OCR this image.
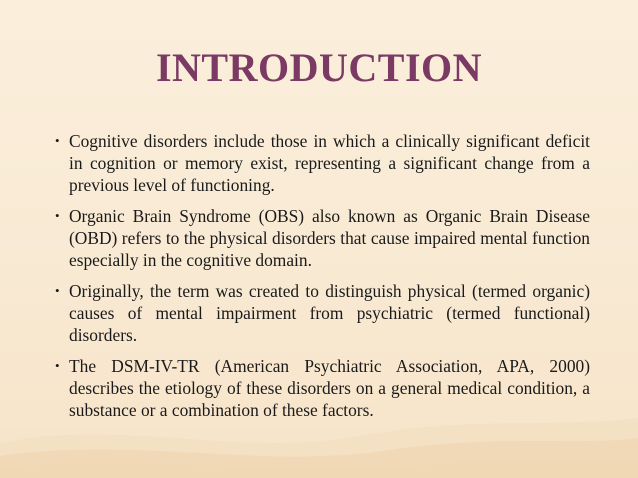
INTRODUCTION
• Cognitive disorders include those in which a clinically significant deficit in cognition or memory exist, representing a significant change from a previous level of functioning.
• Organic Brain Syndrome (OBS) also known as Organic Brain Disease (OBD) refers to the physical disorders that cause impaired mental function especially in the cognitive domain.
• Originally, the term was created to distinguish physical (termed organic) causes of mental impairment from psychiatric (termed functional) disorders.
• The DSM-IV-TR (American Psychiatric Association, APA, 2000) describes the etiology of these disorders on a general medical condition, a substance or a combination of these factors.
